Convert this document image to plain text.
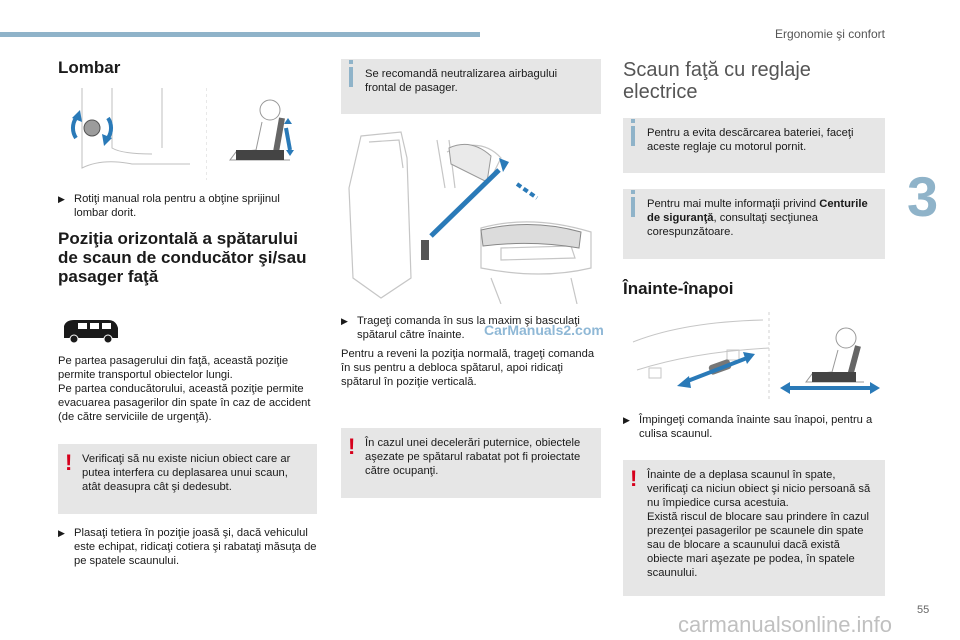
Ergonomie şi confort
3
55
Lombar
▶ Rotiţi manual rola pentru a obţine sprijinul lombar dorit.
Poziţia orizontală a spătarului de scaun de conducător şi/sau pasager faţă
Pe partea pasagerului din faţă, această poziţie permite transportul obiectelor lungi.
Pe partea conducătorului, această poziţie permite evacuarea pasagerilor din spate în caz de accident (de către serviciile de urgenţă).
! Verificaţi să nu existe niciun obiect care ar putea interfera cu deplasarea unui scaun, atât deasupra cât şi dedesubt.
▶ Plasaţi tetiera în poziţie joasă şi, dacă vehiculul este echipat, ridicaţi cotiera şi rabataţi măsuţa de pe spatele scaunului.
Se recomandă neutralizarea airbagului frontal de pasager.
▶ Trageţi comanda în sus la maxim şi basculaţi spătarul către înainte.
Pentru a reveni la poziţia normală, trageţi comanda în sus pentru a debloca spătarul, apoi ridicaţi spătarul în poziţie verticală.
! În cazul unei decelerări puternice, obiectele aşezate pe spătarul rabatat pot fi proiectate către ocupanţi.
Scaun faţă cu reglaje electrice
Pentru a evita descărcarea bateriei, faceţi aceste reglaje cu motorul pornit.
Pentru mai multe informaţii privind Centurile de siguranţă, consultaţi secţiunea corespunzătoare.
Înainte-înapoi
▶ Împingeţi comanda înainte sau înapoi, pentru a culisa scaunul.
! Înainte de a deplasa scaunul în spate, verificaţi ca niciun obiect şi nicio persoană să nu împiedice cursa acestuia.
Există riscul de blocare sau prindere în cazul prezenţei pasagerilor pe scaunele din spate sau de blocare a scaunului dacă există obiecte mari aşezate pe podea, în spatele scaunului.
CarManuals2.com
carmanualsonline.info
